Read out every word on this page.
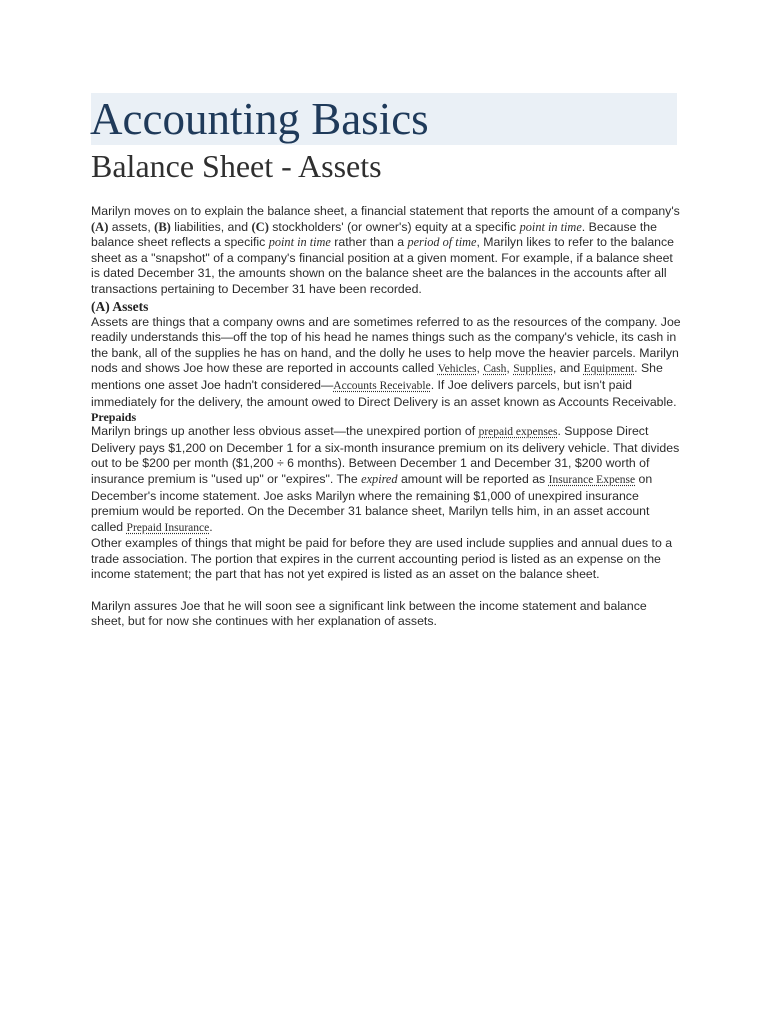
Accounting Basics
Balance Sheet - Assets

Marilyn moves on to explain the balance sheet, a financial statement that reports the amount of a company's (A) assets, (B) liabilities, and (C) stockholders' (or owner's) equity at a specific point in time. Because the balance sheet reflects a specific point in time rather than a period of time, Marilyn likes to refer to the balance sheet as a "snapshot" of a company's financial position at a given moment. For example, if a balance sheet is dated December 31, the amounts shown on the balance sheet are the balances in the accounts after all transactions pertaining to December 31 have been recorded.

(A) Assets

Assets are things that a company owns and are sometimes referred to as the resources of the company. Joe readily understands this—off the top of his head he names things such as the company's vehicle, its cash in the bank, all of the supplies he has on hand, and the dolly he uses to help move the heavier parcels. Marilyn nods and shows Joe how these are reported in accounts called Vehicles, Cash, Supplies, and Equipment. She mentions one asset Joe hadn't considered—Accounts Receivable. If Joe delivers parcels, but isn't paid immediately for the delivery, the amount owed to Direct Delivery is an asset known as Accounts Receivable.

Prepaids

Marilyn brings up another less obvious asset—the unexpired portion of prepaid expenses. Suppose Direct Delivery pays $1,200 on December 1 for a six-month insurance premium on its delivery vehicle. That divides out to be $200 per month ($1,200 ÷ 6 months). Between December 1 and December 31, $200 worth of insurance premium is "used up" or "expires". The expired amount will be reported as Insurance Expense on December's income statement. Joe asks Marilyn where the remaining $1,000 of unexpired insurance premium would be reported. On the December 31 balance sheet, Marilyn tells him, in an asset account called Prepaid Insurance.

Other examples of things that might be paid for before they are used include supplies and annual dues to a trade association. The portion that expires in the current accounting period is listed as an expense on the income statement; the part that has not yet expired is listed as an asset on the balance sheet.

Marilyn assures Joe that he will soon see a significant link between the income statement and balance sheet, but for now she continues with her explanation of assets.
